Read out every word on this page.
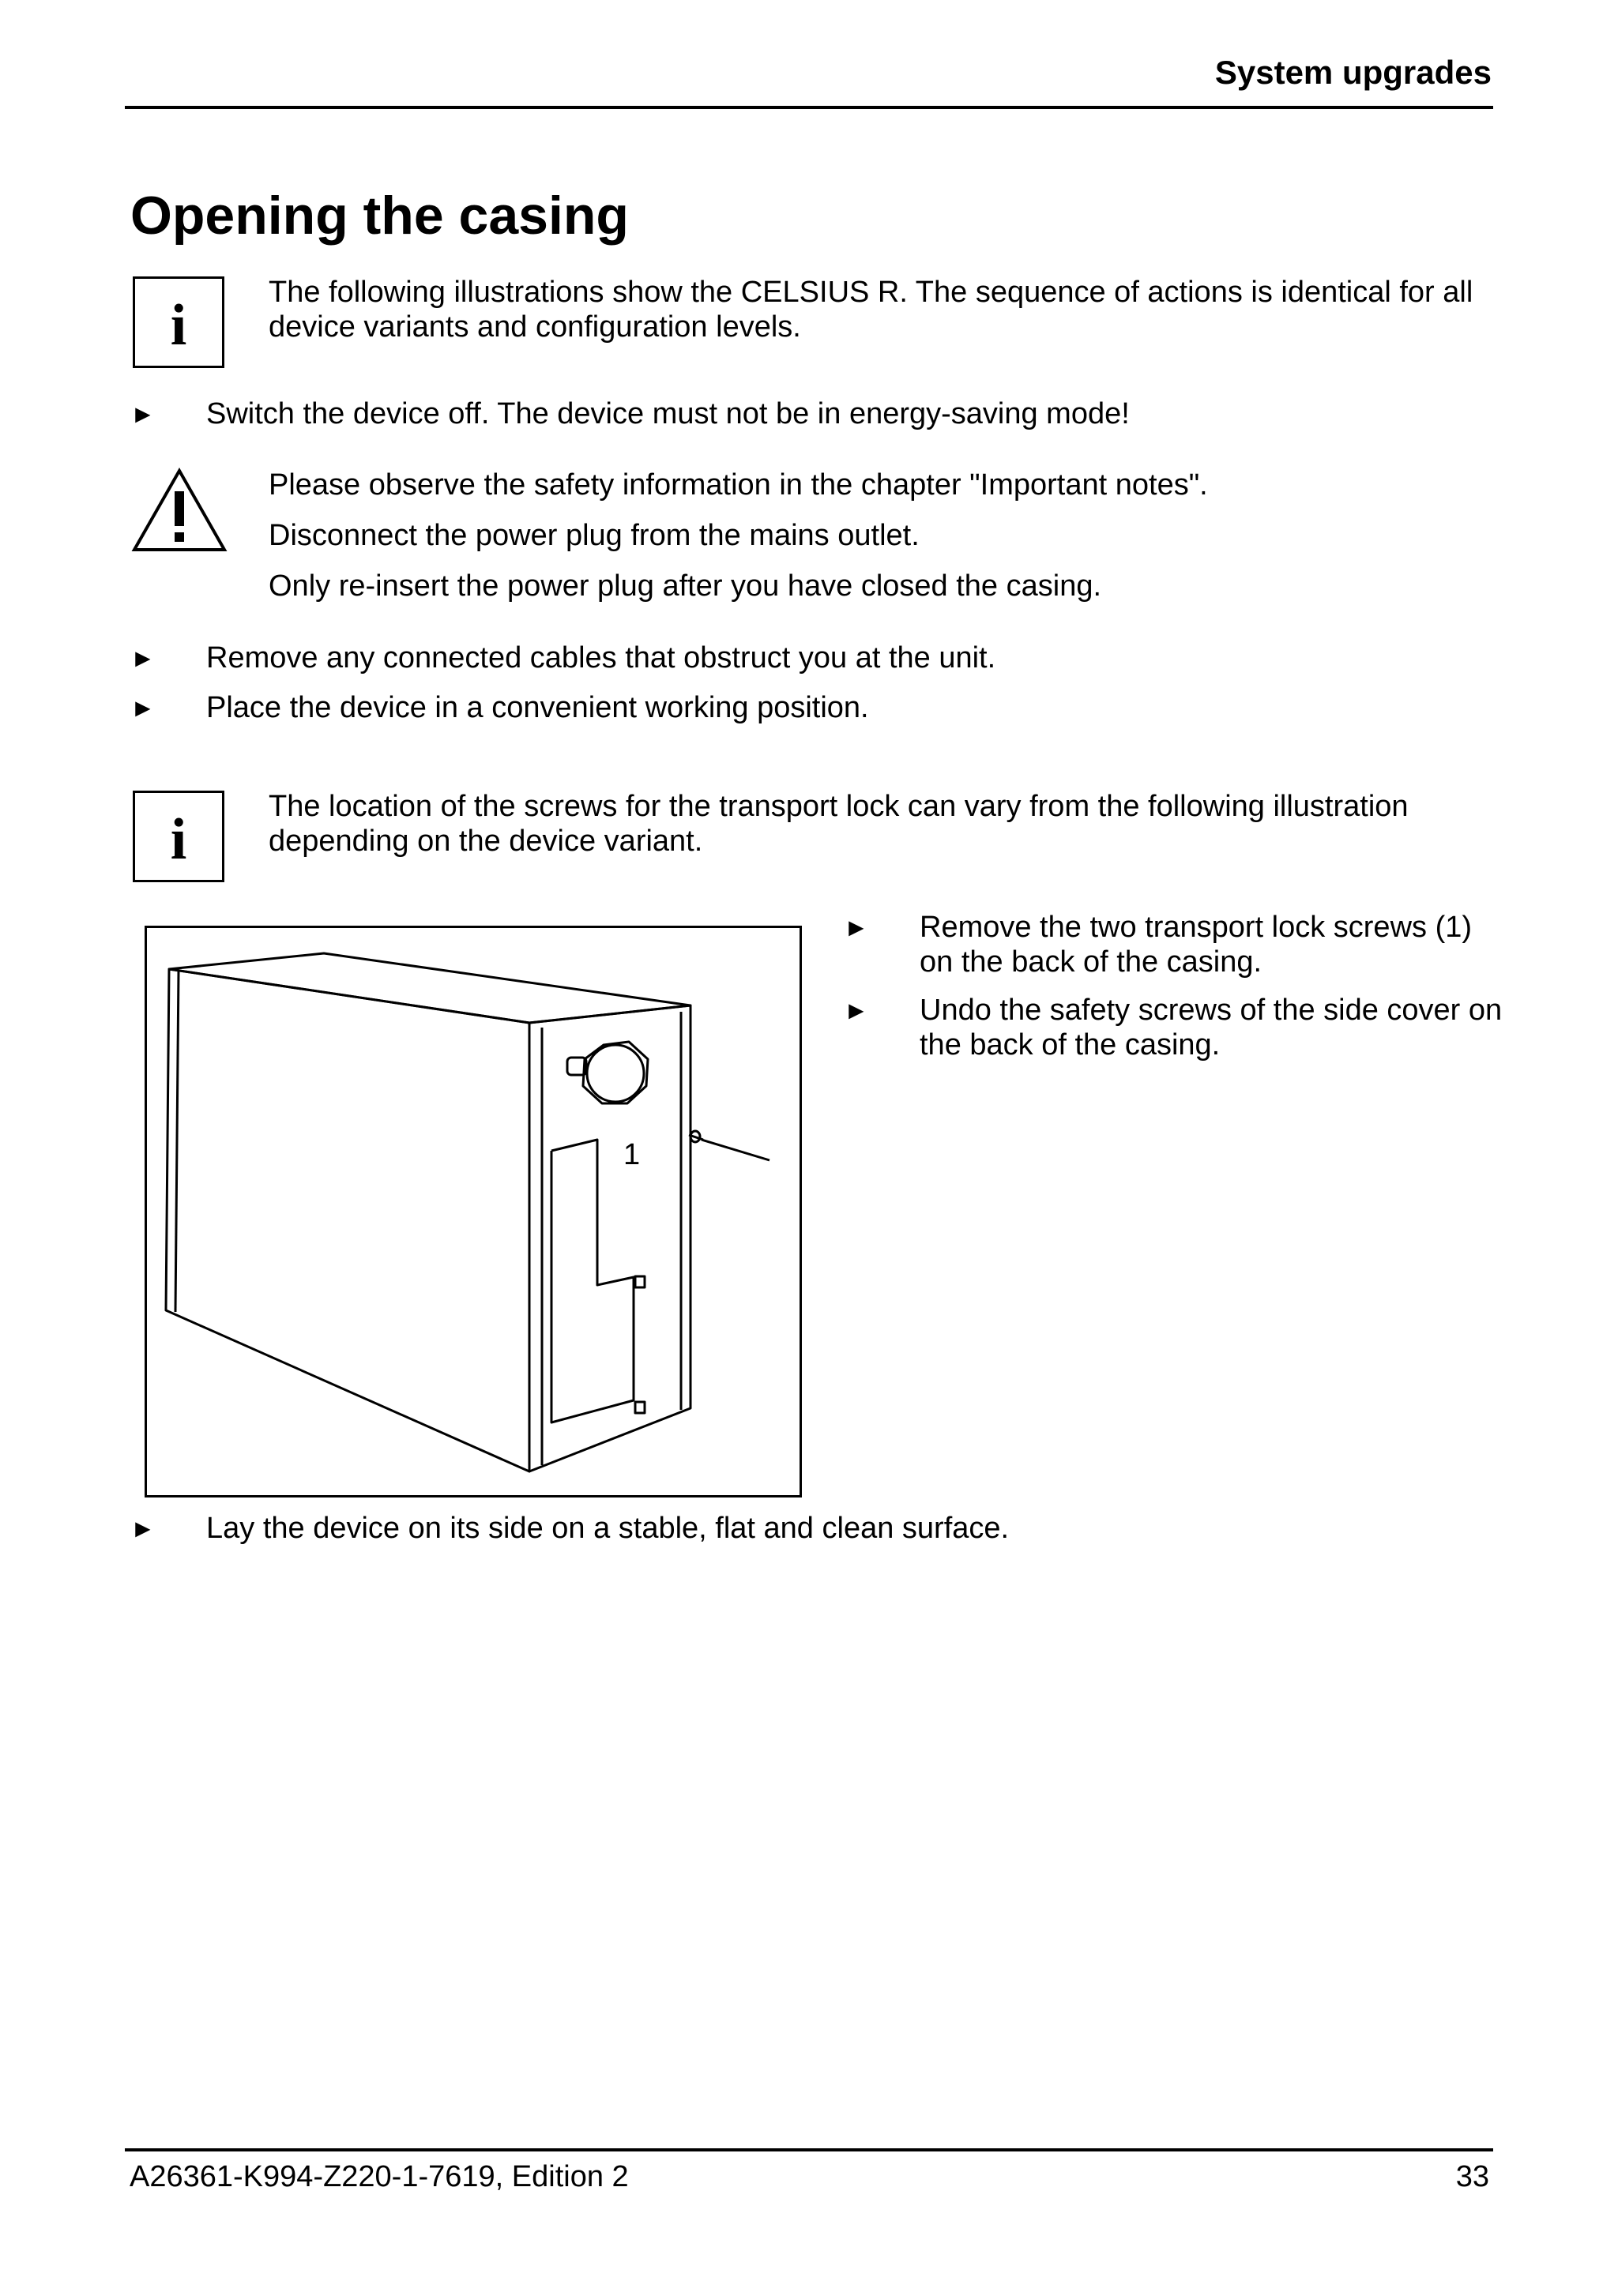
System upgrades
Opening the casing
i

The following illustrations show the CELSIUS R. The sequence of actions is identical for all device variants and configuration levels.

► Switch the device off. The device must not be in energy-saving mode!
Please observe the safety information in the chapter "Important notes".
Disconnect the power plug from the mains outlet.
Only re-insert the power plug after you have closed the casing.
► Remove any connected cables that obstruct you at the unit.
► Place the device in a convenient working position.
i

The location of the screws for the transport lock can vary from the following illustration depending on the device variant.

1
► Remove the two transport lock screws (1) on the back of the casing.
► Undo the safety screws of the side cover on the back of the casing.
► Lay the device on its side on a stable, flat and clean surface.
A26361-K994-Z220-1-7619, Edition 2	33
